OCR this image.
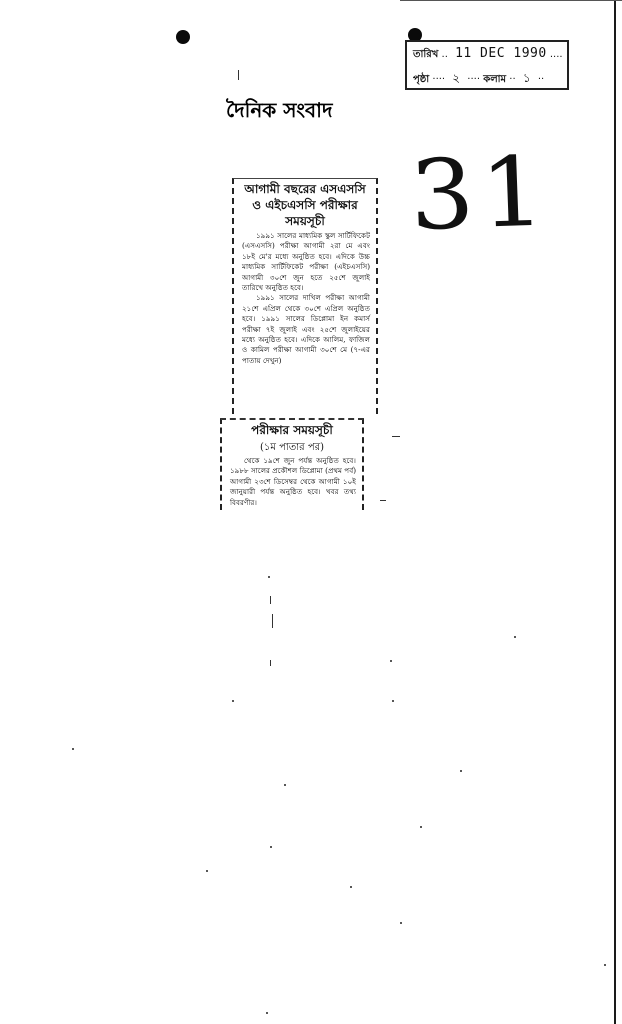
তারিখ .. 11 DEC 1990 ....
পৃষ্ঠা ···· ২ ···· কলাম ·· ১ ··
দৈনিক সংবাদ
31
আগামী বছরের এসএসসি ও এইচএসসি পরীক্ষার সময়সূচী

১৯৯১ সালের মাধ্যমিক স্কুল সার্টিফিকেট (এসএসসি) পরীক্ষা আগামী ২রা মে এবং ১৮ই মে'র মধ্যে অনুষ্ঠিত হবে। এদিকে উচ্চ মাধ্যমিক সার্টিফিকেট পরীক্ষা (এইচএসসি) আগামী ৩০শে জুন হতে ২৫শে জুলাই তারিখে অনুষ্ঠিত হবে।

১৯৯১ সালের দাখিল পরীক্ষা আগামী ২১শে এপ্রিল থেকে ৩০শে এপ্রিল অনুষ্ঠিত হবে। ১৯৯১ সালের ডিপ্লোমা ইন কমার্স পরীক্ষা ৭ই জুলাই এবং ২৫শে জুলাইয়ের মধ্যে অনুষ্ঠিত হবে। এদিকে আলিম, ফাজিল ও কামিল পরীক্ষা আগামী ৩০শে মে (৭-এর পাতায় দেখুন)

পরীক্ষার সময়সূচী
(১ম পাতার পর)

থেকে ১৯শে জুন পর্যন্ত অনুষ্ঠিত হবে। ১৯৮৮ সালের প্রকৌশল ডিপ্লোমা (প্রথম পর্ব) আগামী ২৩শে ডিসেম্বর থেকে আগামী ১০ই জানুয়ারী পর্যন্ত অনুষ্ঠিত হবে। খবর তথ্য বিবরণীর।
